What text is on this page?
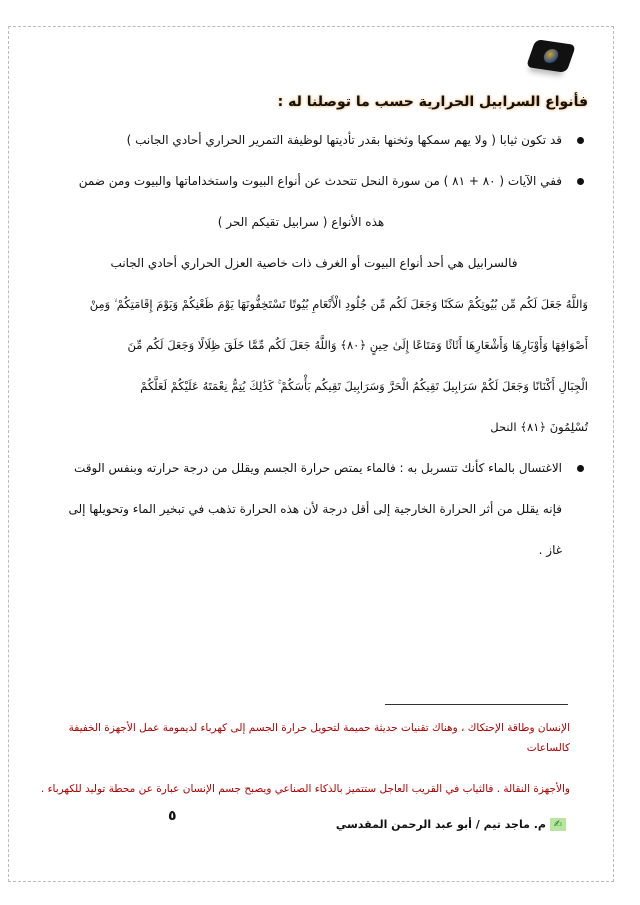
فأنواع السرابيل الحرارية حسب ما توصلنا له :
قد تكون ثيابا ( ولا يهم سمكها وثخنها بقدر تأديتها لوظيفة التمرير الحراري أحادي الجانب )
ففي الآيات ( ٨٠ + ٨١ ) من سورة النحل تتحدث عن أنواع البيوت واستخداماتها والبيوت ومن ضمن
هذه الأنواع ( سرابيل تقيكم الحر )
فالسرابيل هي أحد أنواع البيوت أو الغرف ذات خاصية العزل الحراري أحادي الجانب
وَاللَّهُ جَعَلَ لَكُم مِّن بُيُوتِكُمْ سَكَنًا وَجَعَلَ لَكُم مِّن جُلُودِ الْأَنْعَامِ بُيُوتًا تَسْتَخِفُّونَهَا يَوْمَ ظَعْنِكُمْ وَيَوْمَ إِقَامَتِكُمْ ۙ وَمِنْ
أَصْوَافِهَا وَأَوْبَارِهَا وَأَشْعَارِهَا أَثَاثًا وَمَتَاعًا إِلَىٰ حِينٍ ﴿٨٠﴾ وَاللَّهُ جَعَلَ لَكُم مِّمَّا خَلَقَ ظِلَالًا وَجَعَلَ لَكُم مِّنَ
الْجِبَالِ أَكْنَانًا وَجَعَلَ لَكُمْ سَرَابِيلَ تَقِيكُمُ الْحَرَّ وَسَرَابِيلَ تَقِيكُم بَأْسَكُمْ ۚ كَذَٰلِكَ يُتِمُّ نِعْمَتَهُ عَلَيْكُمْ لَعَلَّكُمْ
تُسْلِمُونَ ﴿٨١﴾ النحل
الاغتسال بالماء كأنك تتسربل به : فالماء يمتص حرارة الجسم ويقلل من درجة حرارته وبنفس الوقت
فإنه يقلل من أثر الحرارة الخارجية إلى أقل درجة لأن هذه الحرارة تذهب في تبخير الماء وتحويلها إلى
غاز .
الإنسان وطاقة الإحتكاك ، وهناك تقنيات حديثة حميمة لتحويل حرارة الجسم إلى كهرباء لديمومة عمل الأجهزة الخفيفة كالساعات
والأجهزة النقالة . فالثياب في القريب العاجل ستتميز بالذكاء الصناعي ويصبح جسم الإنسان عبارة عن محطة توليد للكهرباء .
٥
✍
م. ماجد تيم / أبو عبد الرحمن المقدسي
